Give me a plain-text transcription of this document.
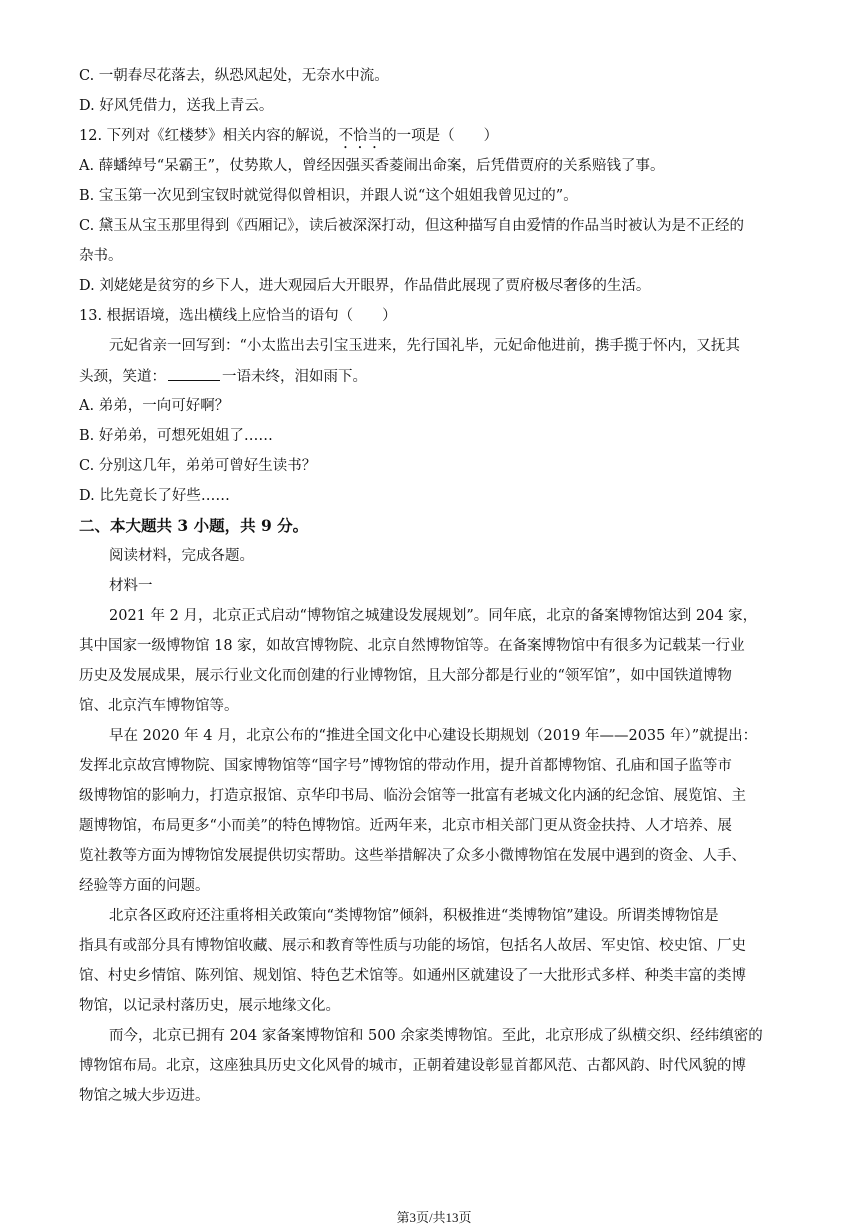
C. 一朝春尽花落去，纵恐风起处，无奈水中流。
D. 好风凭借力，送我上青云。
12. 下列对《红楼梦》相关内容的解说，不恰当的一项是（　　）
A. 薛蟠绰号“呆霸王”，仗势欺人，曾经因强买香菱闹出命案，后凭借贾府的关系赔钱了事。
B. 宝玉第一次见到宝钗时就觉得似曾相识，并跟人说“这个姐姐我曾见过的”。
C. 黛玉从宝玉那里得到《西厢记》，读后被深深打动，但这种描写自由爱情的作品当时被认为是不正经的
杂书。
D. 刘姥姥是贫穷的乡下人，进大观园后大开眼界，作品借此展现了贾府极尽奢侈的生活。
13. 根据语境，选出横线上应恰当的语句（　　）
元妃省亲一回写到：“小太监出去引宝玉进来，先行国礼毕，元妃命他进前，携手揽于怀内，又抚其
头颈，笑道：	一语未终，泪如雨下。
A. 弟弟，一向可好啊？
B. 好弟弟，可想死姐姐了……
C. 分别这几年，弟弟可曾好生读书？
D. 比先竟长了好些……
二、本大题共 3 小题，共 9 分。
阅读材料，完成各题。
材料一
2021 年 2 月，北京正式启动“博物馆之城建设发展规划”。同年底，北京的备案博物馆达到 204 家，
其中国家一级博物馆 18 家，如故宫博物院、北京自然博物馆等。在备案博物馆中有很多为记载某一行业
历史及发展成果，展示行业文化而创建的行业博物馆，且大部分都是行业的“领军馆”，如中国铁道博物
馆、北京汽车博物馆等。
早在 2020 年 4 月，北京公布的“推进全国文化中心建设长期规划（2019 年——2035 年）”就提出：
发挥北京故宫博物院、国家博物馆等“国字号”博物馆的带动作用，提升首都博物馆、孔庙和国子监等市
级博物馆的影响力，打造京报馆、京华印书局、临汾会馆等一批富有老城文化内涵的纪念馆、展览馆、主
题博物馆，布局更多“小而美”的特色博物馆。近两年来，北京市相关部门更从资金扶持、人才培养、展
览社教等方面为博物馆发展提供切实帮助。这些举措解决了众多小微博物馆在发展中遇到的资金、人手、
经验等方面的问题。
北京各区政府还注重将相关政策向“类博物馆”倾斜，积极推进“类博物馆”建设。所谓类博物馆是
指具有或部分具有博物馆收藏、展示和教育等性质与功能的场馆，包括名人故居、军史馆、校史馆、厂史
馆、村史乡情馆、陈列馆、规划馆、特色艺术馆等。如通州区就建设了一大批形式多样、种类丰富的类博
物馆，以记录村落历史，展示地缘文化。
而今，北京已拥有 204 家备案博物馆和 500 余家类博物馆。至此，北京形成了纵横交织、经纬缜密的
博物馆布局。北京，这座独具历史文化风骨的城市，正朝着建设彰显首都风范、古都风韵、时代风貌的博
物馆之城大步迈进。
第3页/共13页
